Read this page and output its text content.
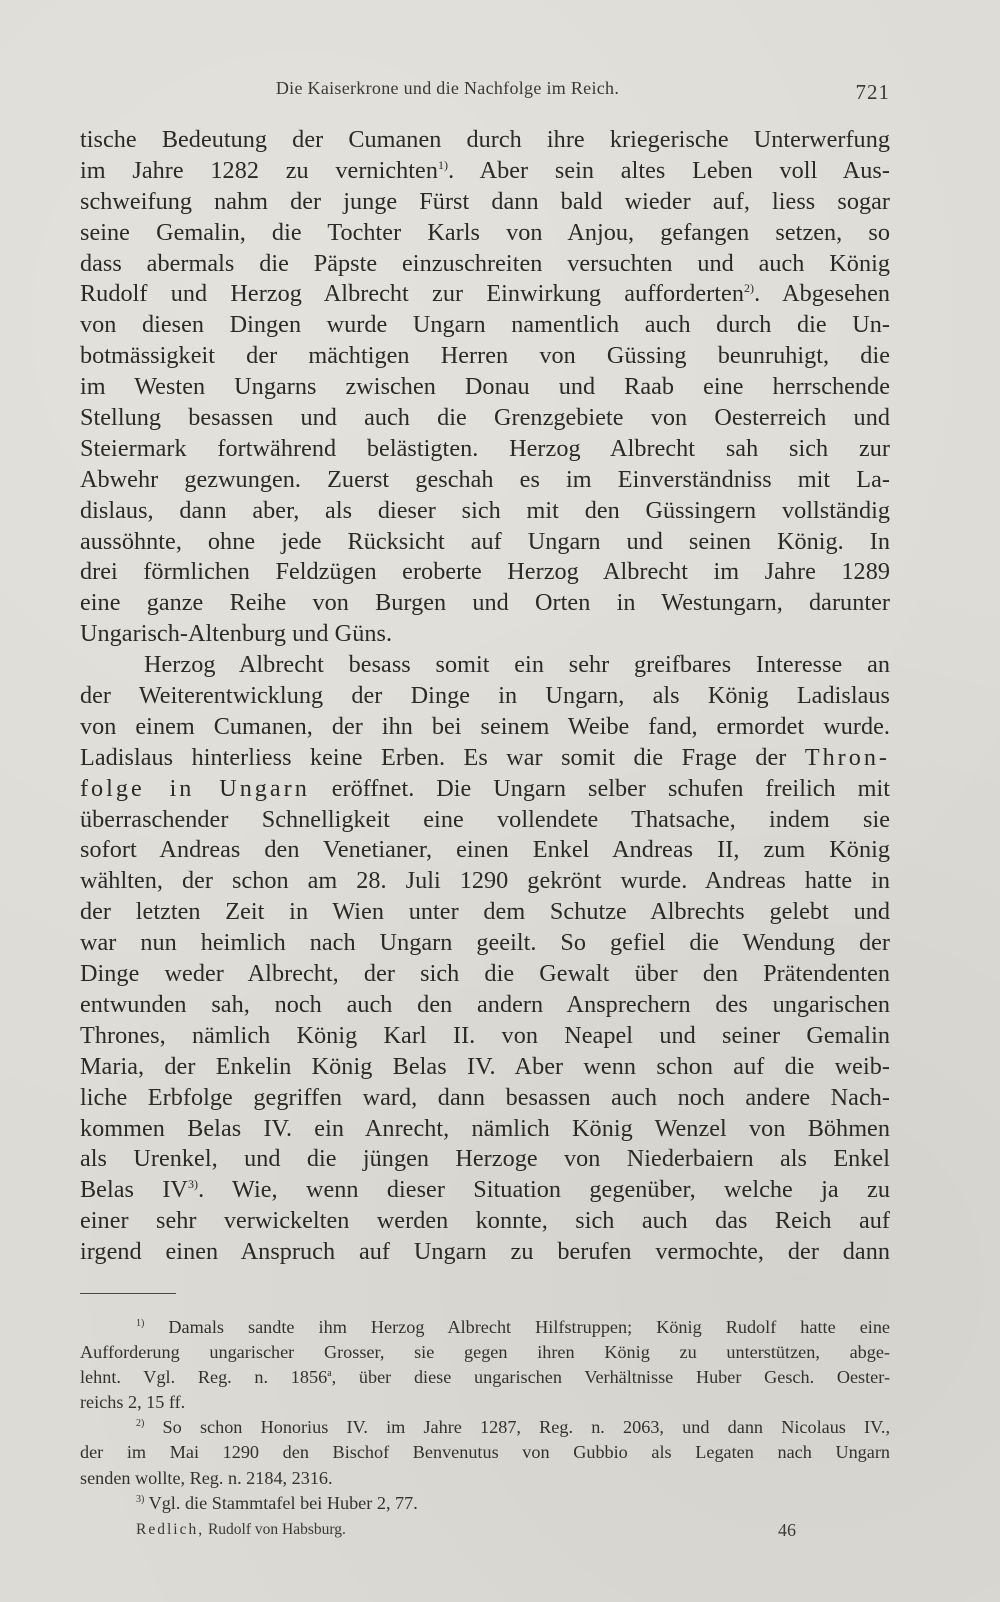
Die Kaiserkrone und die Nachfolge im Reich.	721
tische Bedeutung der Cumanen durch ihre kriegerische Unterwerfung
im Jahre 1282 zu vernichten$^{1)}$. Aber sein altes Leben voll Aus-
schweifung nahm der junge Fürst dann bald wieder auf, liess sogar
seine Gemalin, die Tochter Karls von Anjou, gefangen setzen, so
dass abermals die Päpste einzuschreiten versuchten und auch König
Rudolf und Herzog Albrecht zur Einwirkung aufforderten$^{2)}$. Abgesehen
von diesen Dingen wurde Ungarn namentlich auch durch die Un-
botmässigkeit der mächtigen Herren von Güssing beunruhigt, die
im Westen Ungarns zwischen Donau und Raab eine herrschende
Stellung besassen und auch die Grenzgebiete von Oesterreich und
Steiermark fortwährend belästigten. Herzog Albrecht sah sich zur
Abwehr gezwungen. Zuerst geschah es im Einverständniss mit La-
dislaus, dann aber, als dieser sich mit den Güssingern vollständig
aussöhnte, ohne jede Rücksicht auf Ungarn und seinen König. In
drei förmlichen Feldzügen eroberte Herzog Albrecht im Jahre 1289
eine ganze Reihe von Burgen und Orten in Westungarn, darunter
Ungarisch-Altenburg und Güns.
Herzog Albrecht besass somit ein sehr greifbares Interesse an
der Weiterentwicklung der Dinge in Ungarn, als König Ladislaus
von einem Cumanen, der ihn bei seinem Weibe fand, ermordet wurde.
Ladislaus hinterliess keine Erben. Es war somit die Frage der Thron-
folge in Ungarn eröffnet. Die Ungarn selber schufen freilich mit
überraschender Schnelligkeit eine vollendete Thatsache, indem sie
sofort Andreas den Venetianer, einen Enkel Andreas II, zum König
wählten, der schon am 28. Juli 1290 gekrönt wurde. Andreas hatte in
der letzten Zeit in Wien unter dem Schutze Albrechts gelebt und
war nun heimlich nach Ungarn geeilt. So gefiel die Wendung der
Dinge weder Albrecht, der sich die Gewalt über den Prätendenten
entwunden sah, noch auch den andern Ansprechern des ungarischen
Thrones, nämlich König Karl II. von Neapel und seiner Gemalin
Maria, der Enkelin König Belas IV. Aber wenn schon auf die weib-
liche Erbfolge gegriffen ward, dann besassen auch noch andere Nach-
kommen Belas IV. ein Anrecht, nämlich König Wenzel von Böhmen
als Urenkel, und die jüngen Herzoge von Niederbaiern als Enkel
Belas IV$^{3)}$. Wie, wenn dieser Situation gegenüber, welche ja zu
einer sehr verwickelten werden konnte, sich auch das Reich auf
irgend einen Anspruch auf Ungarn zu berufen vermochte, der dann
$^{1)}$ Damals sandte ihm Herzog Albrecht Hilfstruppen; König Rudolf hatte eine
Aufforderung ungarischer Grosser, sie gegen ihren König zu unterstützen, abge-
lehnt. Vgl. Reg. n. 1856$^a$, über diese ungarischen Verhältnisse Huber Gesch. Oester-
reichs 2, 15 ff.
$^{2)}$ So schon Honorius IV. im Jahre 1287, Reg. n. 2063, und dann Nicolaus IV.,
der im Mai 1290 den Bischof Benvenutus von Gubbio als Legaten nach Ungarn
senden wollte, Reg. n. 2184, 2316.
$^{3)}$ Vgl. die Stammtafel bei Huber 2, 77.
Redlich, Rudolf von Habsburg.	46
